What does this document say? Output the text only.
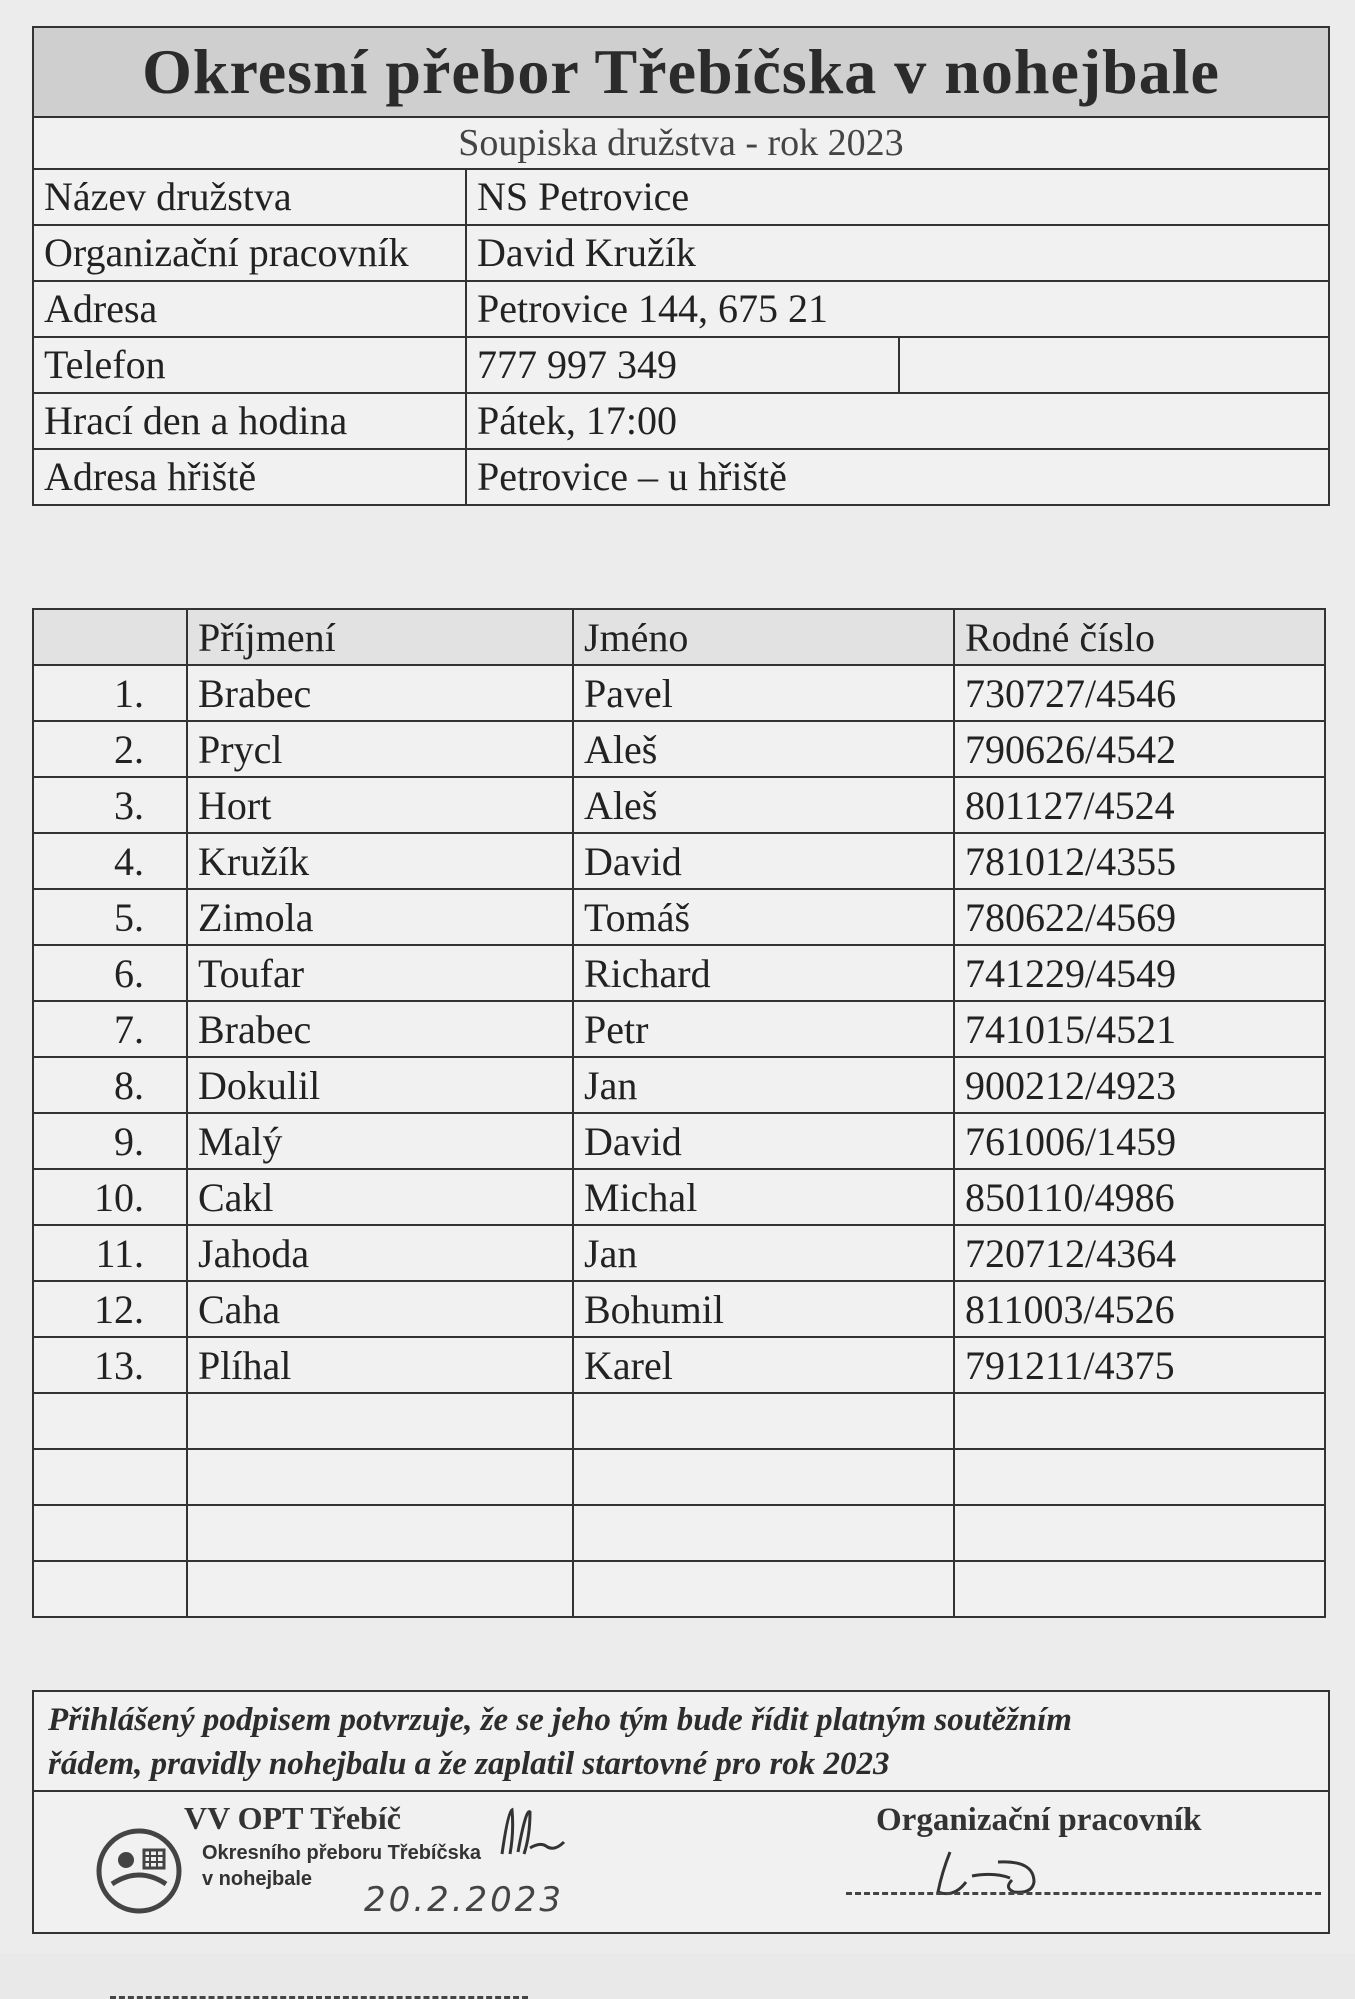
Okresní přebor Třebíčska v nohejbale
Soupiska družstva - rok 2023
Název družstva	NS Petrovice
Organizační pracovník	David Kružík
Adresa	Petrovice 144, 675 21
Telefon	777 997 349
Hrací den a hodina	Pátek, 17:00
Adresa hřiště	Petrovice – u hřiště
	Příjmení	Jméno	Rodné číslo
1.	Brabec	Pavel	730727/4546
2.	Prycl	Aleš	790626/4542
3.	Hort	Aleš	801127/4524
4.	Kružík	David	781012/4355
5.	Zimola	Tomáš	780622/4569
6.	Toufar	Richard	741229/4549
7.	Brabec	Petr	741015/4521
8.	Dokulil	Jan	900212/4923
9.	Malý	David	761006/1459
10.	Cakl	Michal	850110/4986
11.	Jahoda	Jan	720712/4364
12.	Caha	Bohumil	811003/4526
13.	Plíhal	Karel	791211/4375

Přihlášený podpisem potvrzuje, že se jeho tým bude řídit platným soutěžním
řádem, pravidly nohejbalu a že zaplatil startovné pro rok 2023
VV OPT Třebíč
Okresního přeboru Třebíčska
v nohejbale
20.2.2023
Organizační pracovník
